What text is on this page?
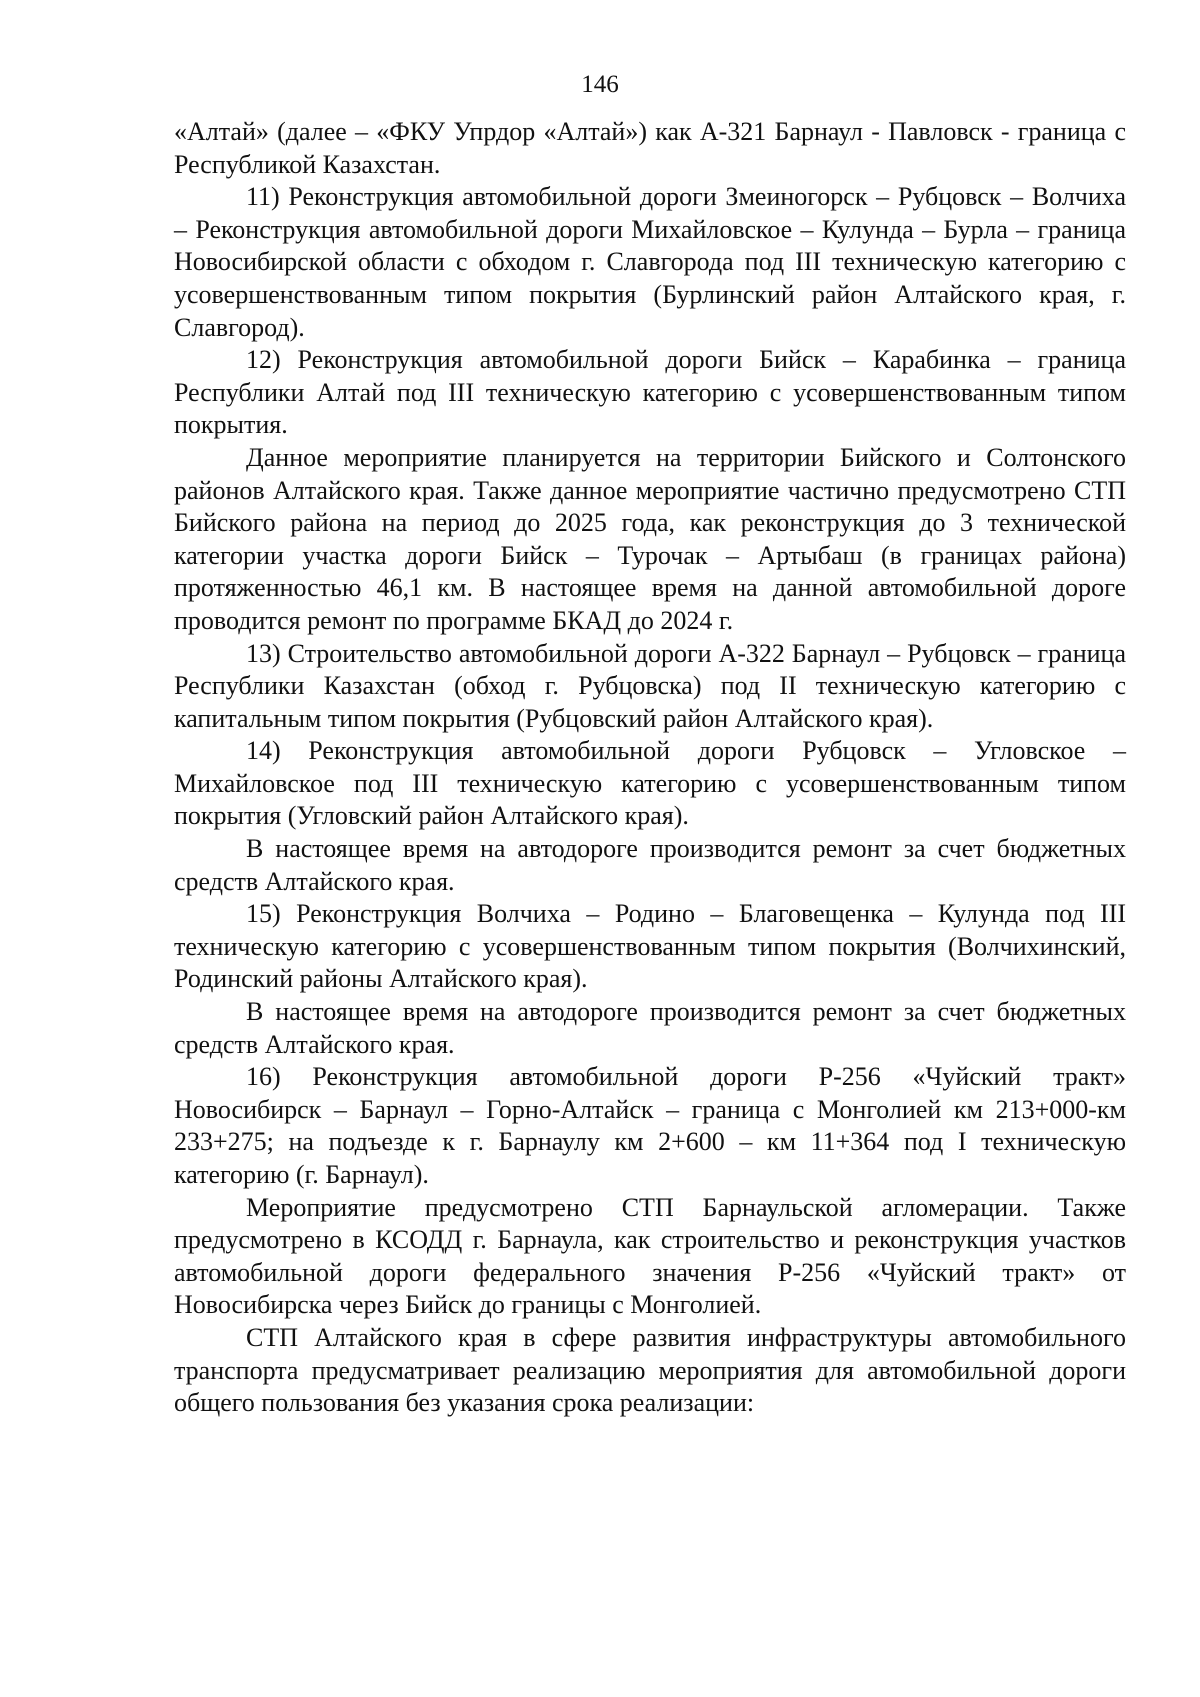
146

«Алтай» (далее – «ФКУ Упрдор «Алтай») как А-321 Барнаул - Павловск - граница с Республикой Казахстан.

11) Реконструкция автомобильной дороги Змеиногорск – Рубцовск – Волчиха – Реконструкция автомобильной дороги Михайловское – Кулунда – Бурла – граница Новосибирской области с обходом г. Славгорода под III техническую категорию с усовершенствованным типом покрытия (Бурлинский район Алтайского края, г. Славгород).

12) Реконструкция автомобильной дороги Бийск – Карабинка – граница Республики Алтай под III техническую категорию с усовершенствованным типом покрытия.

Данное мероприятие планируется на территории Бийского и Солтонского районов Алтайского края. Также данное мероприятие частично предусмотрено СТП Бийского района на период до 2025 года, как реконструкция до 3 технической категории участка дороги Бийск – Турочак – Артыбаш (в границах района) протяженностью 46,1 км. В настоящее время на данной автомобильной дороге проводится ремонт по программе БКАД до 2024 г.

13) Строительство автомобильной дороги А-322 Барнаул – Рубцовск – граница Республики Казахстан (обход г. Рубцовска) под II техническую категорию с капитальным типом покрытия (Рубцовский район Алтайского края).

14) Реконструкция автомобильной дороги Рубцовск – Угловское – Михайловское под III техническую категорию с усовершенствованным типом покрытия (Угловский район Алтайского края).

В настоящее время на автодороге производится ремонт за счет бюджетных средств Алтайского края.

15) Реконструкция Волчиха – Родино – Благовещенка – Кулунда под III техническую категорию с усовершенствованным типом покрытия (Волчихинский, Родинский районы Алтайского края).

В настоящее время на автодороге производится ремонт за счет бюджетных средств Алтайского края.

16) Реконструкция автомобильной дороги Р-256 «Чуйский тракт» Новосибирск – Барнаул – Горно-Алтайск – граница с Монголией км 213+000-км 233+275; на подъезде к г. Барнаулу км 2+600 – км 11+364 под I техническую категорию (г. Барнаул).

Мероприятие предусмотрено СТП Барнаульской агломерации. Также предусмотрено в КСОДД г. Барнаула, как строительство и реконструкция участков автомобильной дороги федерального значения Р-256 «Чуйский тракт» от Новосибирска через Бийск до границы с Монголией.

СТП Алтайского края в сфере развития инфраструктуры автомобильного транспорта предусматривает реализацию мероприятия для автомобильной дороги общего пользования без указания срока реализации:
